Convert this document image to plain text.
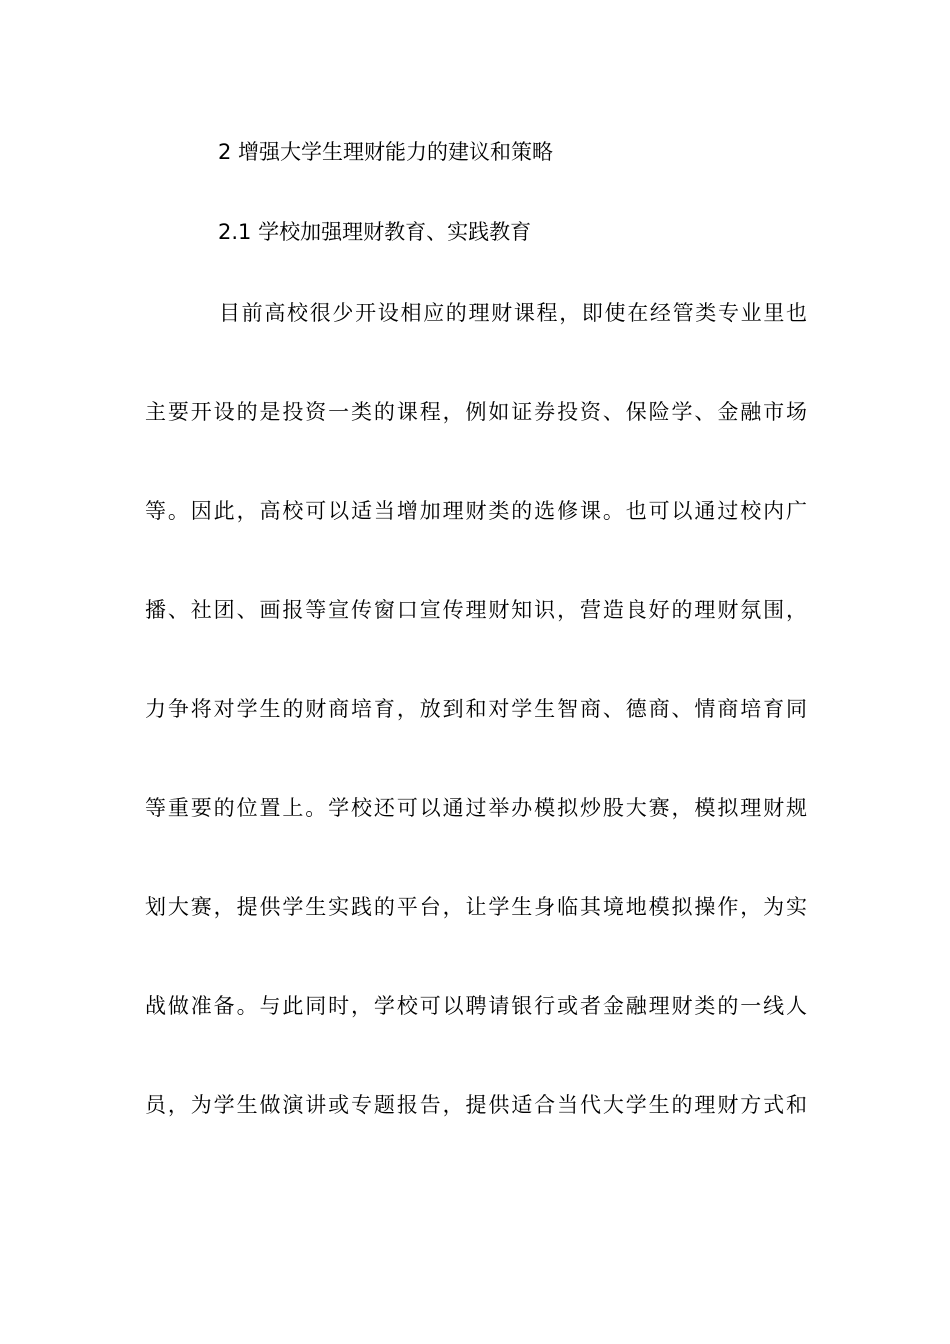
2 增强大学生理财能力的建议和策略
2.1 学校加强理财教育、实践教育
目前高校很少开设相应的理财课程，即使在经管类专业里也
主要开设的是投资一类的课程，例如证券投资、保险学、金融市场
等。因此，高校可以适当增加理财类的选修课。也可以通过校内广
播、社团、画报等宣传窗口宣传理财知识，营造良好的理财氛围，
力争将对学生的财商培育，放到和对学生智商、德商、情商培育同
等重要的位置上。学校还可以通过举办模拟炒股大赛，模拟理财规
划大赛，提供学生实践的平台，让学生身临其境地模拟操作，为实
战做准备。与此同时，学校可以聘请银行或者金融理财类的一线人
员，为学生做演讲或专题报告，提供适合当代大学生的理财方式和
